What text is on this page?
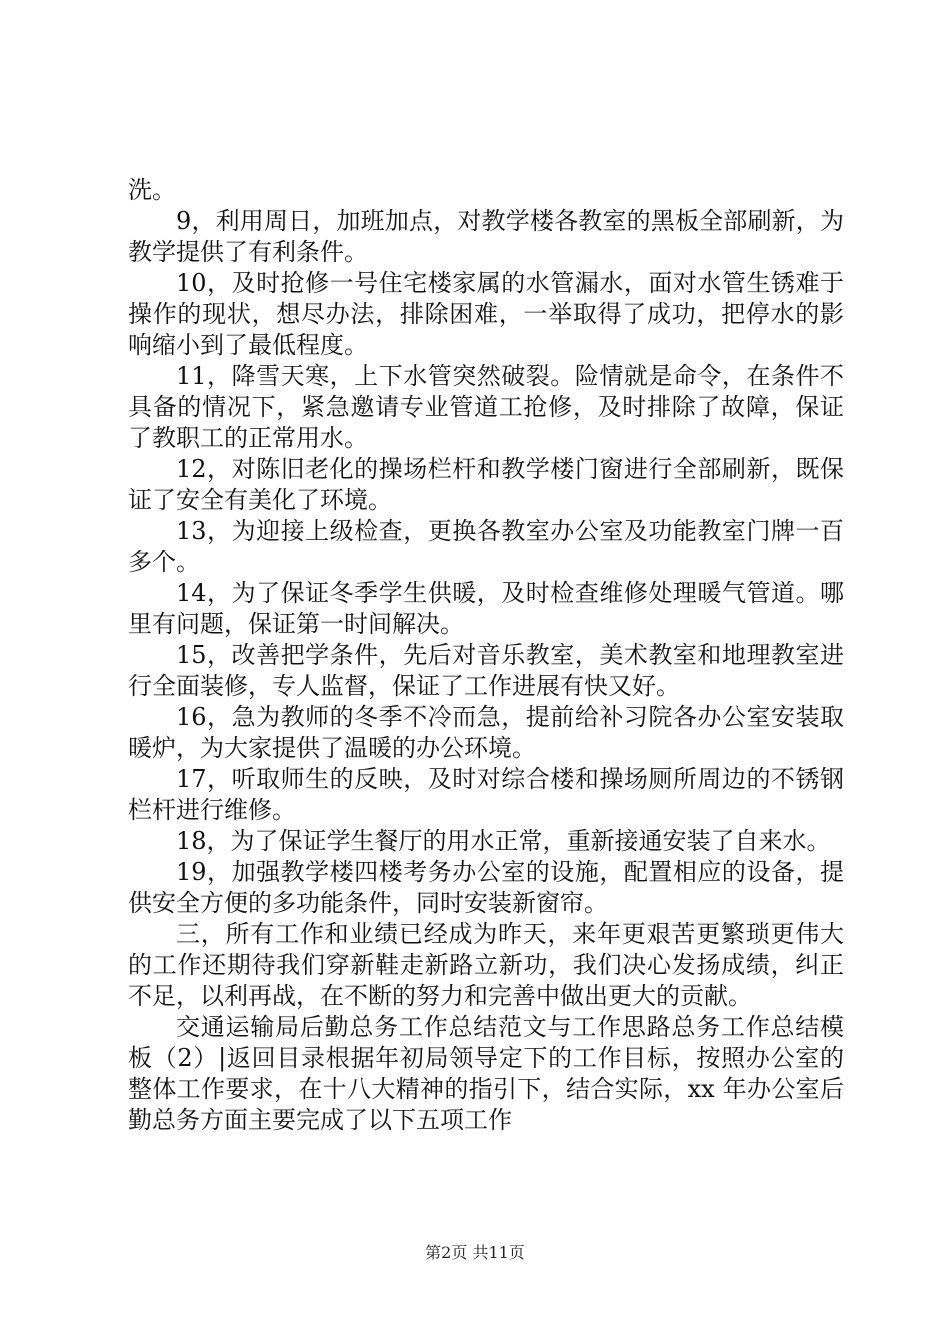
洗。

9，利用周日，加班加点，对教学楼各教室的黑板全部刷新，为教学提供了有利条件。

10，及时抢修一号住宅楼家属的水管漏水，面对水管生锈难于操作的现状，想尽办法，排除困难，一举取得了成功，把停水的影响缩小到了最低程度。

11，降雪天寒，上下水管突然破裂。险情就是命令，在条件不具备的情况下，紧急邀请专业管道工抢修，及时排除了故障，保证了教职工的正常用水。

12，对陈旧老化的操场栏杆和教学楼门窗进行全部刷新，既保证了安全有美化了环境。

13，为迎接上级检查，更换各教室办公室及功能教室门牌一百多个。

14，为了保证冬季学生供暖，及时检查维修处理暖气管道。哪里有问题，保证第一时间解决。

15，改善把学条件，先后对音乐教室，美术教室和地理教室进行全面装修，专人监督，保证了工作进展有快又好。

16，急为教师的冬季不冷而急，提前给补习院各办公室安装取暖炉，为大家提供了温暖的办公环境。

17，听取师生的反映，及时对综合楼和操场厕所周边的不锈钢栏杆进行维修。

18，为了保证学生餐厅的用水正常，重新接通安装了自来水。

19，加强教学楼四楼考务办公室的设施，配置相应的设备，提供安全方便的多功能条件，同时安装新窗帘。

三，所有工作和业绩已经成为昨天，来年更艰苦更繁琐更伟大的工作还期待我们穿新鞋走新路立新功，我们决心发扬成绩，纠正不足，以利再战，在不断的努力和完善中做出更大的贡献。

交通运输局后勤总务工作总结范文与工作思路总务工作总结模板（2）|返回目录根据年初局领导定下的工作目标，按照办公室的整体工作要求，在十八大精神的指引下，结合实际，xx 年办公室后勤总务方面主要完成了以下五项工作

第2页 共11页
